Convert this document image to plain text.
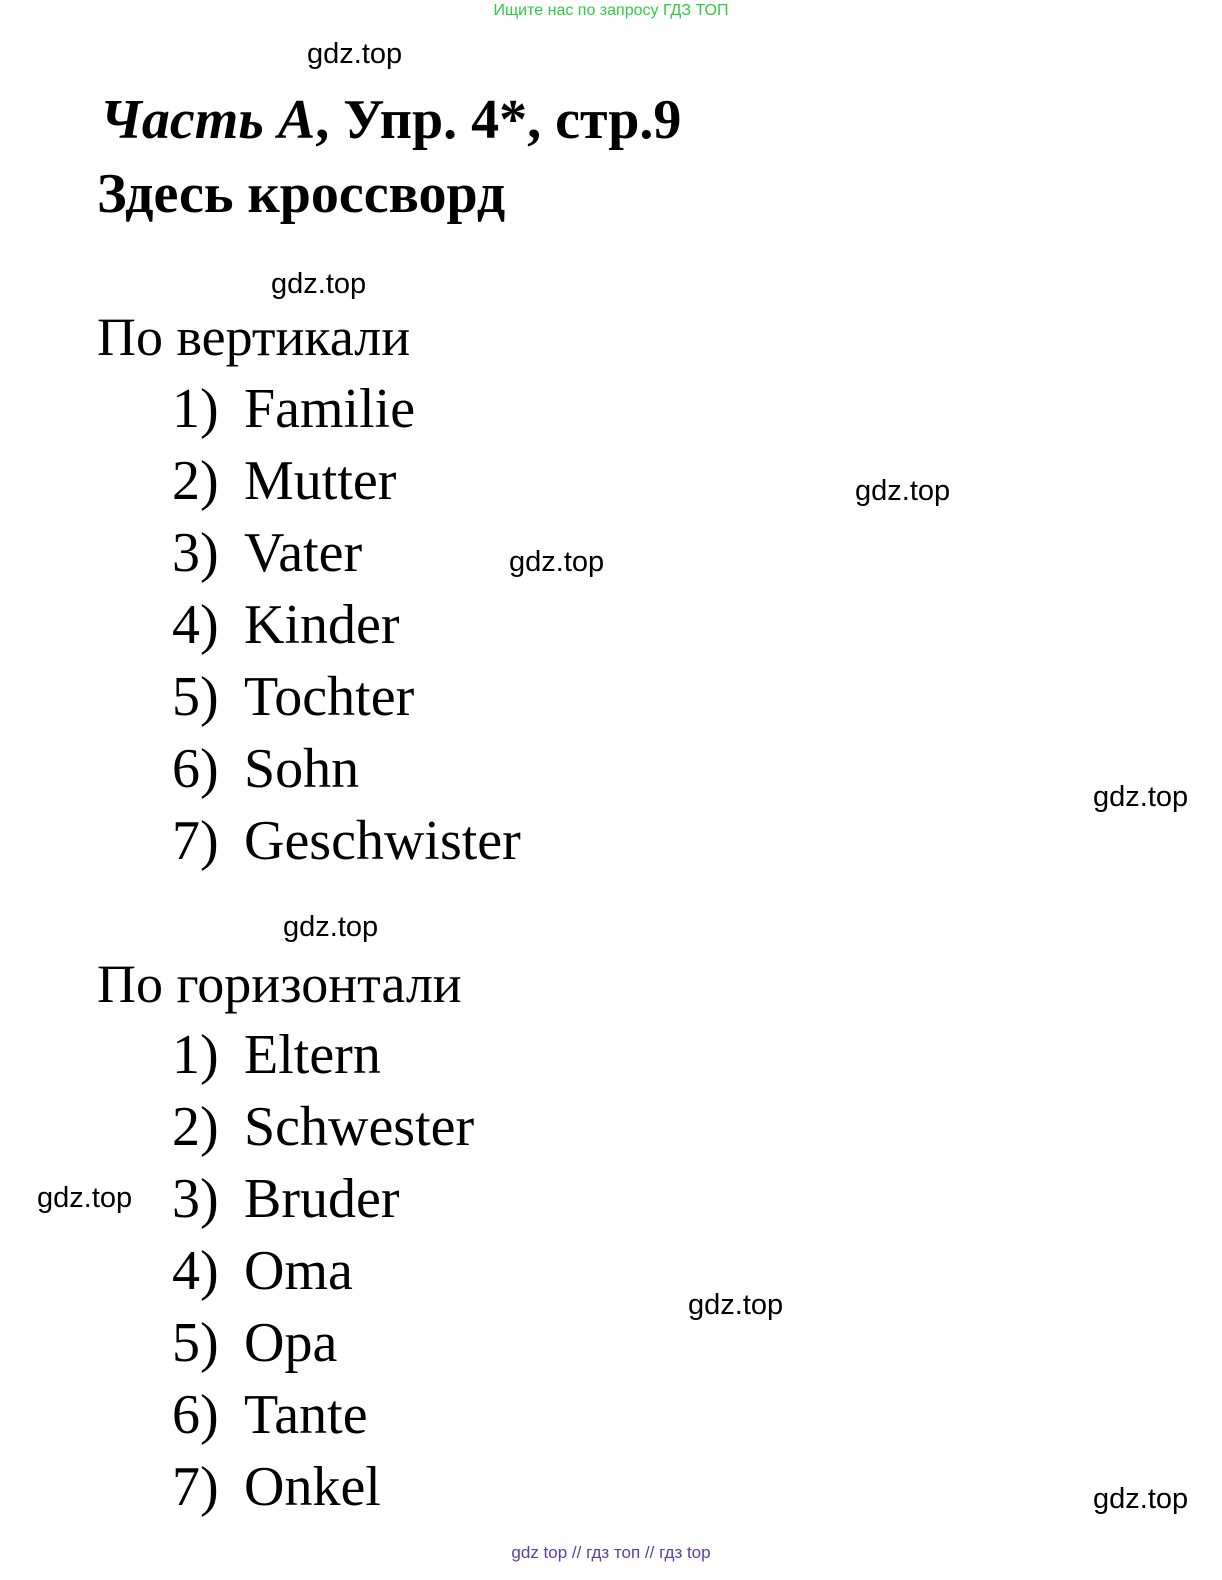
Ищите нас по запросу ГДЗ ТОП
gdz.top
gdz.top
gdz.top
gdz.top
gdz.top
gdz.top
gdz.top
gdz.top
gdz.top
Часть А, Упр. 4*, стр.9
Здесь кроссворд
По вертикали
1) Familie
2) Mutter
3) Vater
4) Kinder
5) Tochter
6) Sohn
7) Geschwister
По горизонтали
1) Eltern
2) Schwester
3) Bruder
4) Oma
5) Opa
6) Tante
7) Onkel
gdz top // гдз топ // гдз top
